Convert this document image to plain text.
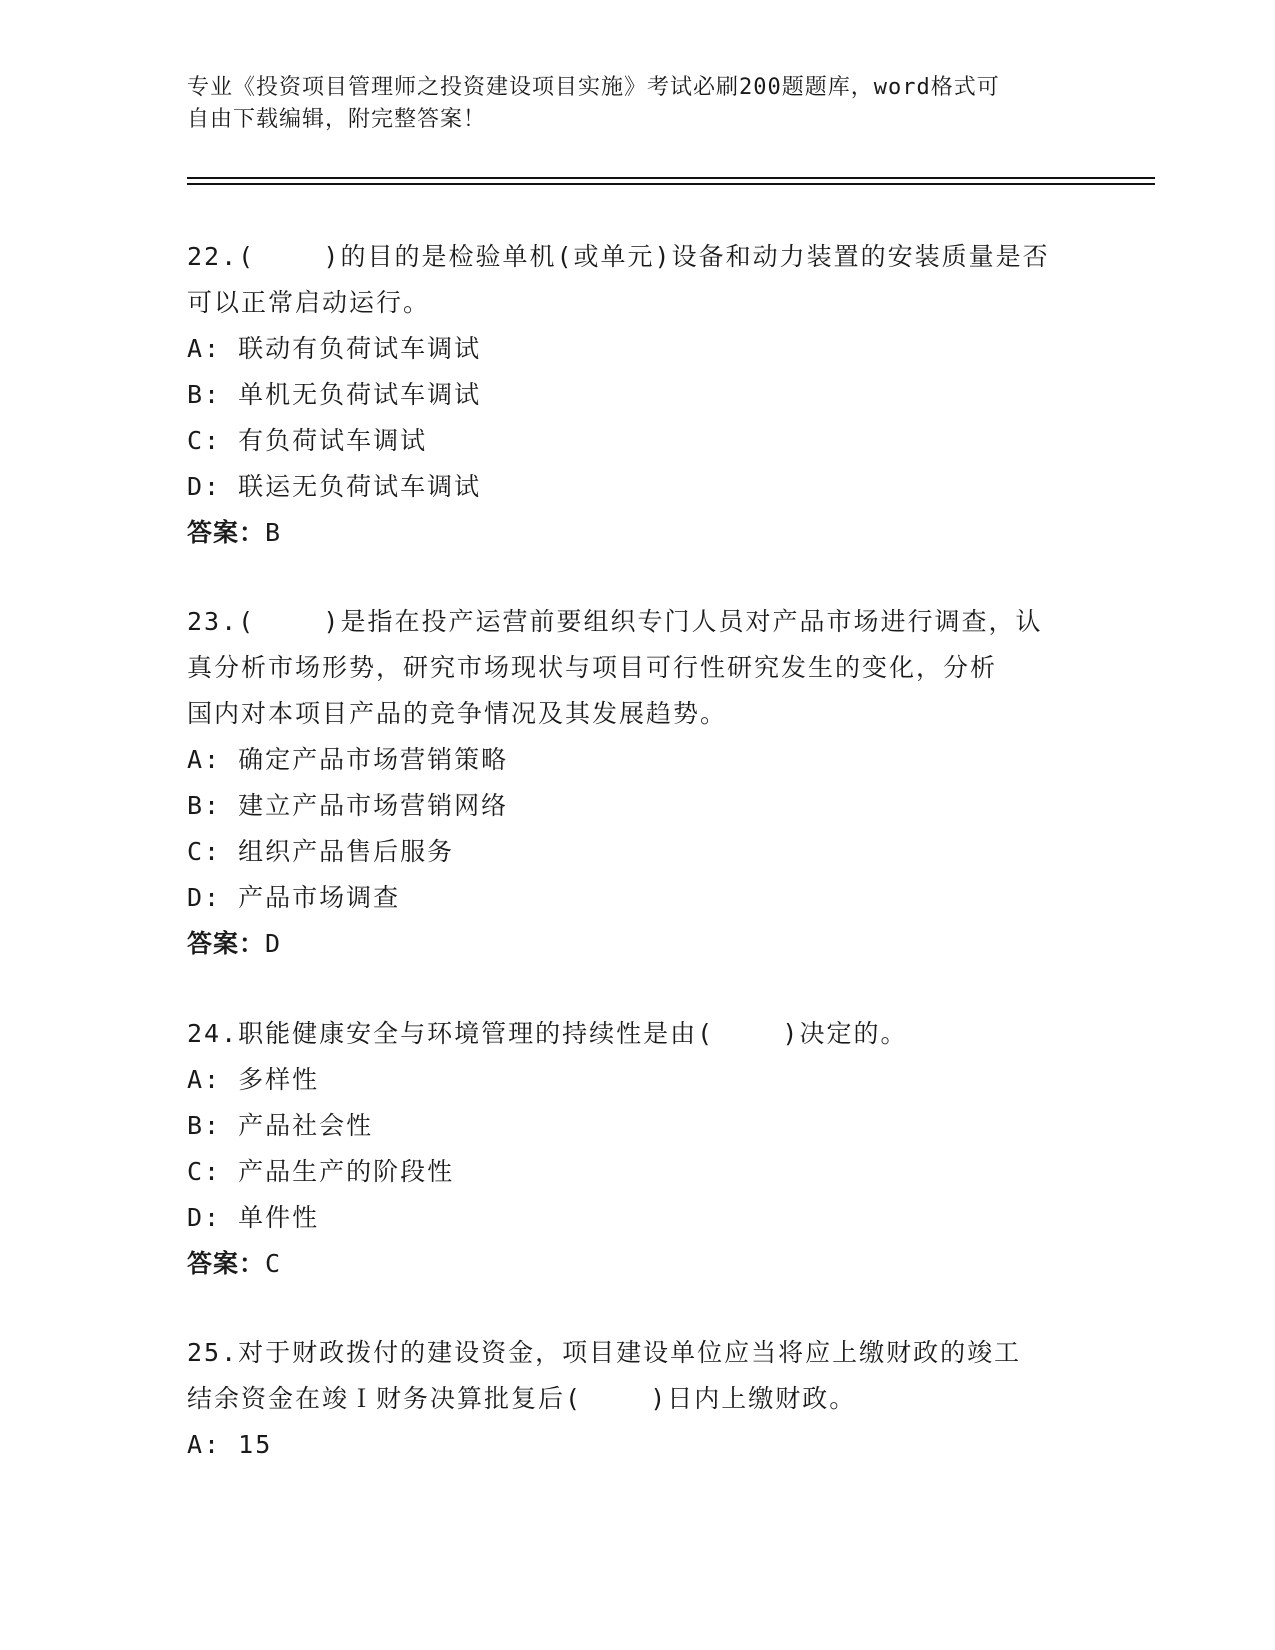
专业《投资项目管理师之投资建设项目实施》考试必刷200题题库，word格式可
自由下载编辑，附完整答案！

22.(    )的目的是检验单机(或单元)设备和动力装置的安装质量是否

可以正常启动运行。

A: 联动有负荷试车调试

B: 单机无负荷试车调试

C: 有负荷试车调试

D: 联运无负荷试车调试

答案：B

23.(    )是指在投产运营前要组织专门人员对产品市场进行调查，认

真分析市场形势，研究市场现状与项目可行性研究发生的变化，分析

国内对本项目产品的竞争情况及其发展趋势。

A: 确定产品市场营销策略

B: 建立产品市场营销网络

C: 组织产品售后服务

D: 产品市场调查

答案：D

24.职能健康安全与环境管理的持续性是由(    )决定的。

A: 多样性

B: 产品社会性

C: 产品生产的阶段性

D: 单件性

答案：C

25.对于财政拨付的建设资金，项目建设单位应当将应上缴财政的竣工

结余资金在竣Ｉ财务决算批复后(    )日内上缴财政。

A: 15
